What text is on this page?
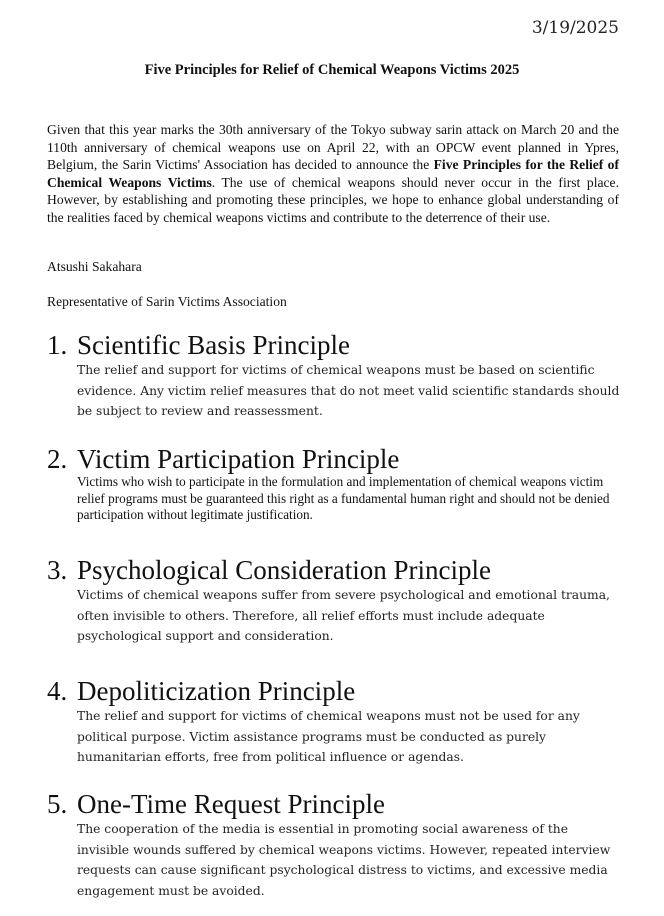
3/19/2025
Five Principles for Relief of Chemical Weapons Victims 2025

Given that this year marks the 30th anniversary of the Tokyo subway sarin attack on March 20 and the 110th anniversary of chemical weapons use on April 22, with an OPCW event planned in Ypres, Belgium, the Sarin Victims' Association has decided to announce the Five Principles for the Relief of Chemical Weapons Victims. The use of chemical weapons should never occur in the first place. However, by establishing and promoting these principles, we hope to enhance global understanding of the realities faced by chemical weapons victims and contribute to the deterrence of their use.

Atsushi Sakahara
Representative of Sarin Victims Association
1. Scientific Basis Principle
The relief and support for victims of chemical weapons must be based on scientific evidence. Any victim relief measures that do not meet valid scientific standards should be subject to review and reassessment.
2. Victim Participation Principle
Victims who wish to participate in the formulation and implementation of chemical weapons victim relief programs must be guaranteed this right as a fundamental human right and should not be denied participation without legitimate justification.
3. Psychological Consideration Principle
Victims of chemical weapons suffer from severe psychological and emotional trauma, often invisible to others. Therefore, all relief efforts must include adequate psychological support and consideration.
4. Depoliticization Principle
The relief and support for victims of chemical weapons must not be used for any political purpose. Victim assistance programs must be conducted as purely humanitarian efforts, free from political influence or agendas.
5. One-Time Request Principle
The cooperation of the media is essential in promoting social awareness of the invisible wounds suffered by chemical weapons victims. However, repeated interview requests can cause significant psychological distress to victims, and excessive media engagement must be avoided.
